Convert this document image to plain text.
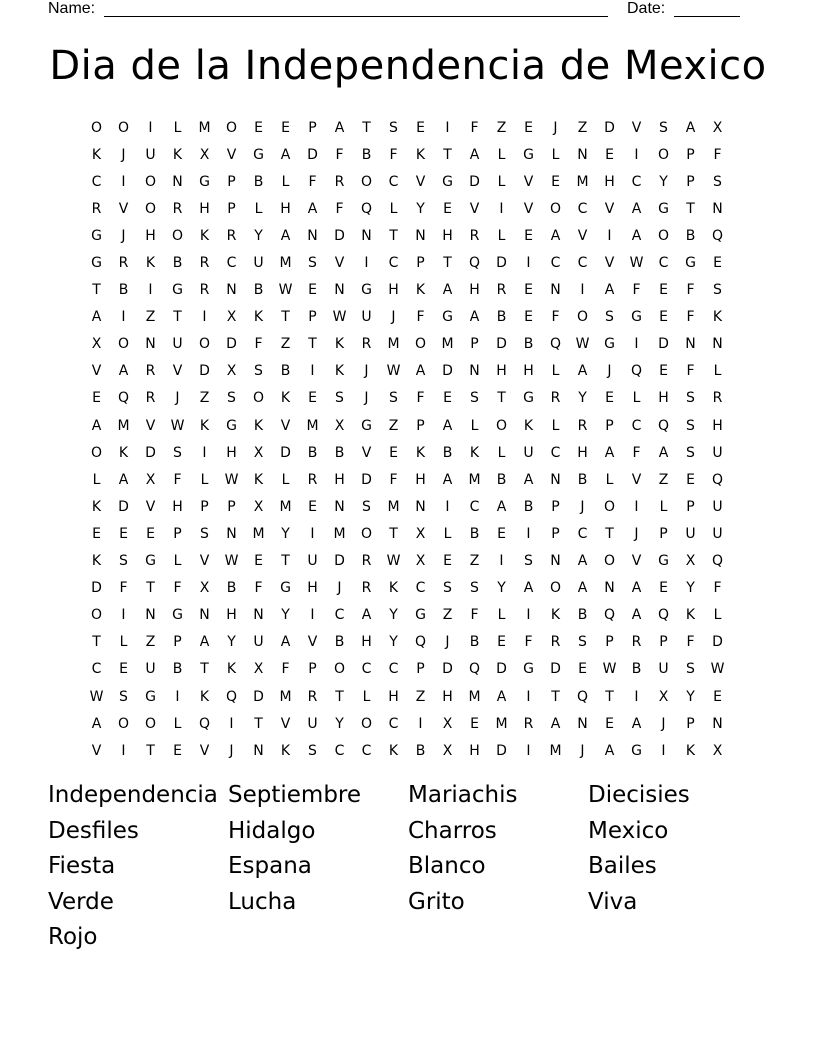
Name:	Date:
Dia de la Independencia de Mexico
O	O	I	L	M	O	E	E	P	A	T	S	E	I	F	Z	E	J	Z	D	V	S	A	X
K	J	U	K	X	V	G	A	D	F	B	F	K	T	A	L	G	L	N	E	I	O	P	F
C	I	O	N	G	P	B	L	F	R	O	C	V	G	D	L	V	E	M	H	C	Y	P	S
R	V	O	R	H	P	L	H	A	F	Q	L	Y	E	V	I	V	O	C	V	A	G	T	N
G	J	H	O	K	R	Y	A	N	D	N	T	N	H	R	L	E	A	V	I	A	O	B	Q
G	R	K	B	R	C	U	M	S	V	I	C	P	T	Q	D	I	C	C	V	W	C	G	E
T	B	I	G	R	N	B	W	E	N	G	H	K	A	H	R	E	N	I	A	F	E	F	S
A	I	Z	T	I	X	K	T	P	W	U	J	F	G	A	B	E	F	O	S	G	E	F	K
X	O	N	U	O	D	F	Z	T	K	R	M	O	M	P	D	B	Q	W	G	I	D	N	N
V	A	R	V	D	X	S	B	I	K	J	W	A	D	N	H	H	L	A	J	Q	E	F	L
E	Q	R	J	Z	S	O	K	E	S	J	S	F	E	S	T	G	R	Y	E	L	H	S	R
A	M	V	W	K	G	K	V	M	X	G	Z	P	A	L	O	K	L	R	P	C	Q	S	H
O	K	D	S	I	H	X	D	B	B	V	E	K	B	K	L	U	C	H	A	F	A	S	U
L	A	X	F	L	W	K	L	R	H	D	F	H	A	M	B	A	N	B	L	V	Z	E	Q
K	D	V	H	P	P	X	M	E	N	S	M	N	I	C	A	B	P	J	O	I	L	P	U
E	E	E	P	S	N	M	Y	I	M	O	T	X	L	B	E	I	P	C	T	J	P	U	U
K	S	G	L	V	W	E	T	U	D	R	W	X	E	Z	I	S	N	A	O	V	G	X	Q
D	F	T	F	X	B	F	G	H	J	R	K	C	S	S	Y	A	O	A	N	A	E	Y	F
O	I	N	G	N	H	N	Y	I	C	A	Y	G	Z	F	L	I	K	B	Q	A	Q	K	L
T	L	Z	P	A	Y	U	A	V	B	H	Y	Q	J	B	E	F	R	S	P	R	P	F	D
C	E	U	B	T	K	X	F	P	O	C	C	P	D	Q	D	G	D	E	W	B	U	S	W
W	S	G	I	K	Q	D	M	R	T	L	H	Z	H	M	A	I	T	Q	T	I	X	Y	E
A	O	O	L	Q	I	T	V	U	Y	O	C	I	X	E	M	R	A	N	E	A	J	P	N
V	I	T	E	V	J	N	K	S	C	C	K	B	X	H	D	I	M	J	A	G	I	K	X
Independencia Septiembre	Mariachis	Diecisies
Desfiles	Hidalgo	Charros	Mexico
Fiesta	Espana	Blanco	Bailes
Verde	Lucha	Grito	Viva
Rojo
